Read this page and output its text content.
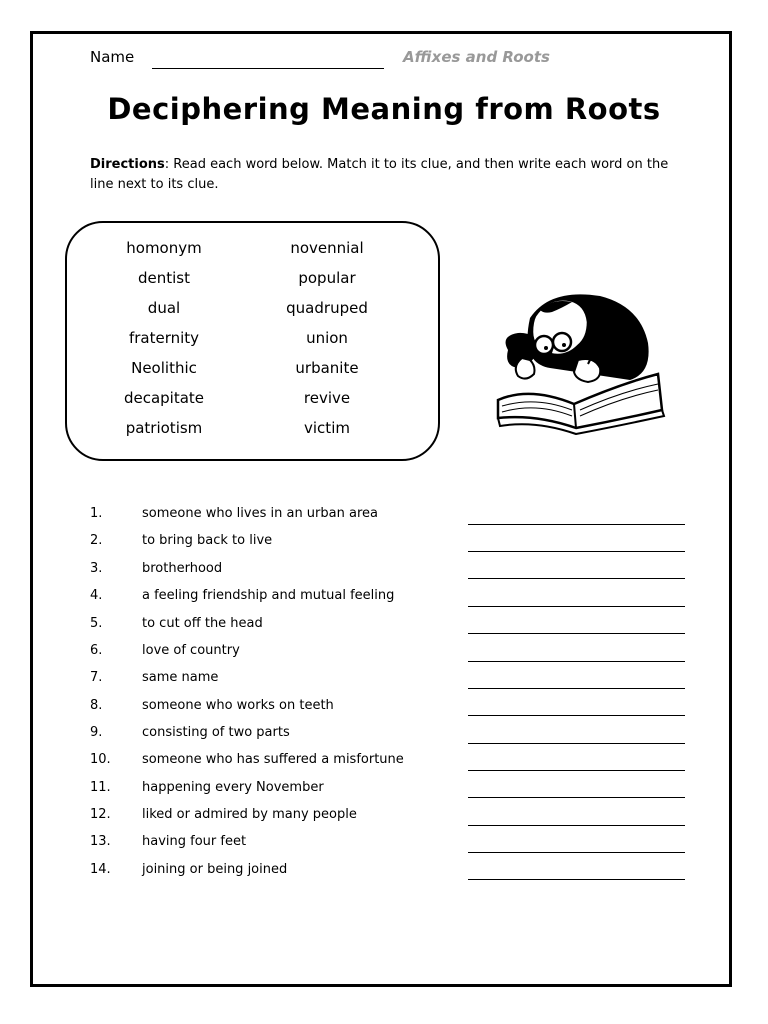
Name	Affixes and Roots
Deciphering Meaning from Roots
Directions: Read each word below. Match it to its clue, and then write each word on the line next to its clue.
homonym
dentist
dual
fraternity
Neolithic
decapitate
patriotism
novennial
popular
quadruped
union
urbanite
revive
victim
1.	someone who lives in an urban area
2.	to bring back to live
3.	brotherhood
4.	a feeling friendship and mutual feeling
5.	to cut off the head
6.	love of country
7.	same name
8.	someone who works on teeth
9.	consisting of two parts
10. someone who has suffered a misfortune
11. happening every November
12. liked or admired by many people
13. having four feet
14. joining or being joined
